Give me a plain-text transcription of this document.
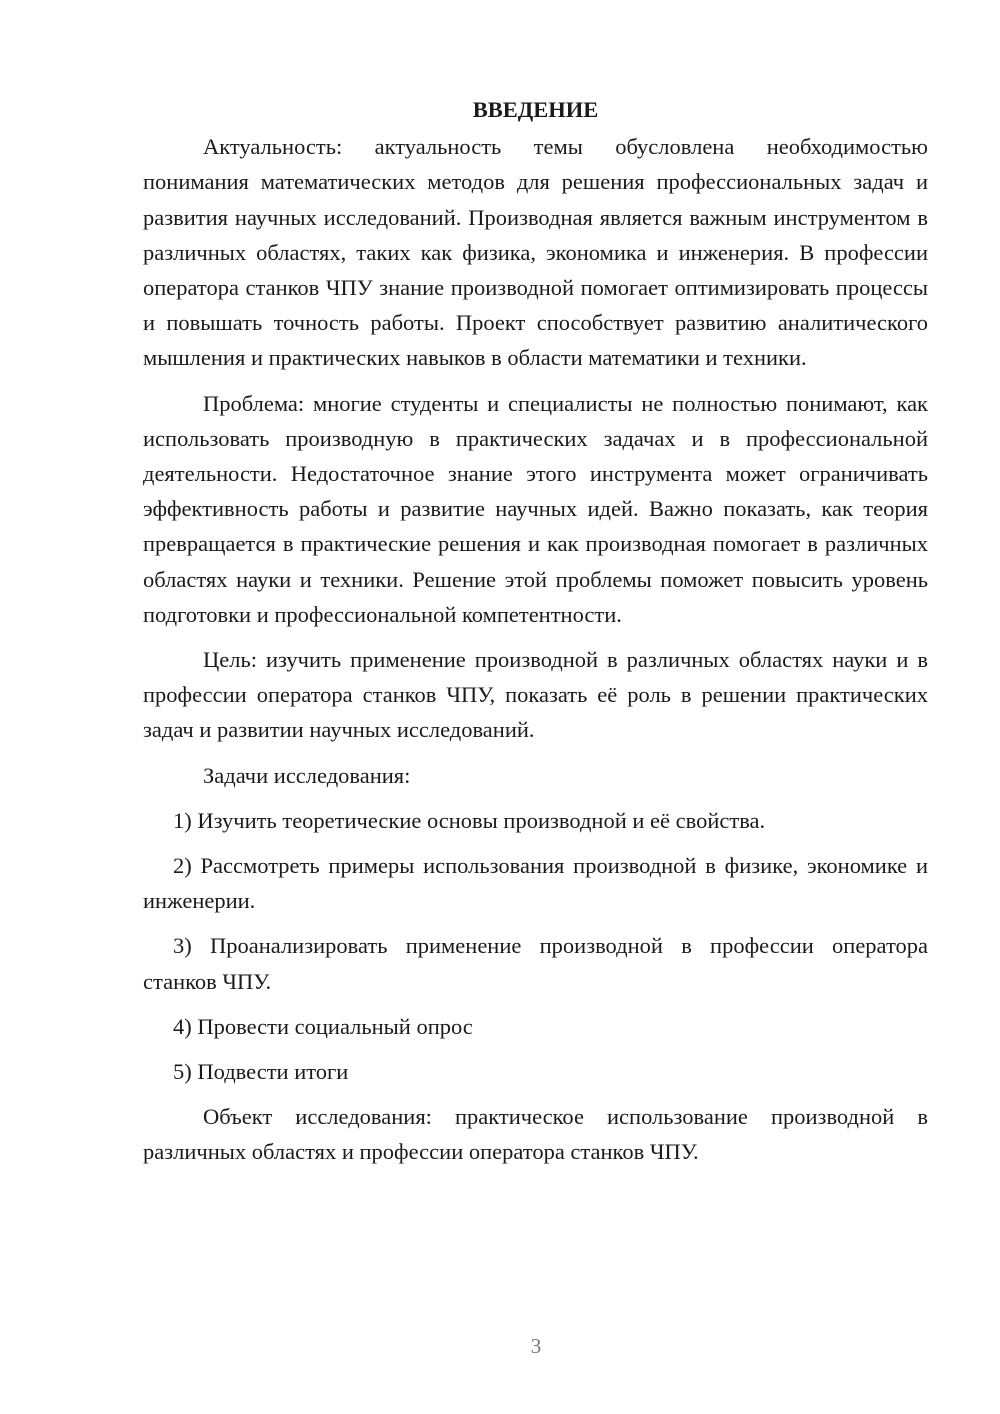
ВВЕДЕНИЕ

Актуальность: актуальность темы обусловлена необходимостью понимания математических методов для решения профессиональных задач и развития научных исследований. Производная является важным инструментом в различных областях, таких как физика, экономика и инженерия. В профессии оператора станков ЧПУ знание производной помогает оптимизировать процессы и повышать точность работы. Проект способствует развитию аналитического мышления и практических навыков в области математики и техники.

Проблема: многие студенты и специалисты не полностью понимают, как использовать производную в практических задачах и в профессиональной деятельности. Недостаточное знание этого инструмента может ограничивать эффективность работы и развитие научных идей. Важно показать, как теория превращается в практические решения и как производная помогает в различных областях науки и техники. Решение этой проблемы поможет повысить уровень подготовки и профессиональной компетентности.

Цель: изучить применение производной в различных областях науки и в профессии оператора станков ЧПУ, показать её роль в решении практических задач и развитии научных исследований.

Задачи исследования:

1) Изучить теоретические основы производной и её свойства.

2) Рассмотреть примеры использования производной в физике, экономике и инженерии.

3) Проанализировать применение производной в профессии оператора станков ЧПУ.

4) Провести социальный опрос

5) Подвести итоги

Объект исследования: практическое использование производной в различных областях и профессии оператора станков ЧПУ.

3
